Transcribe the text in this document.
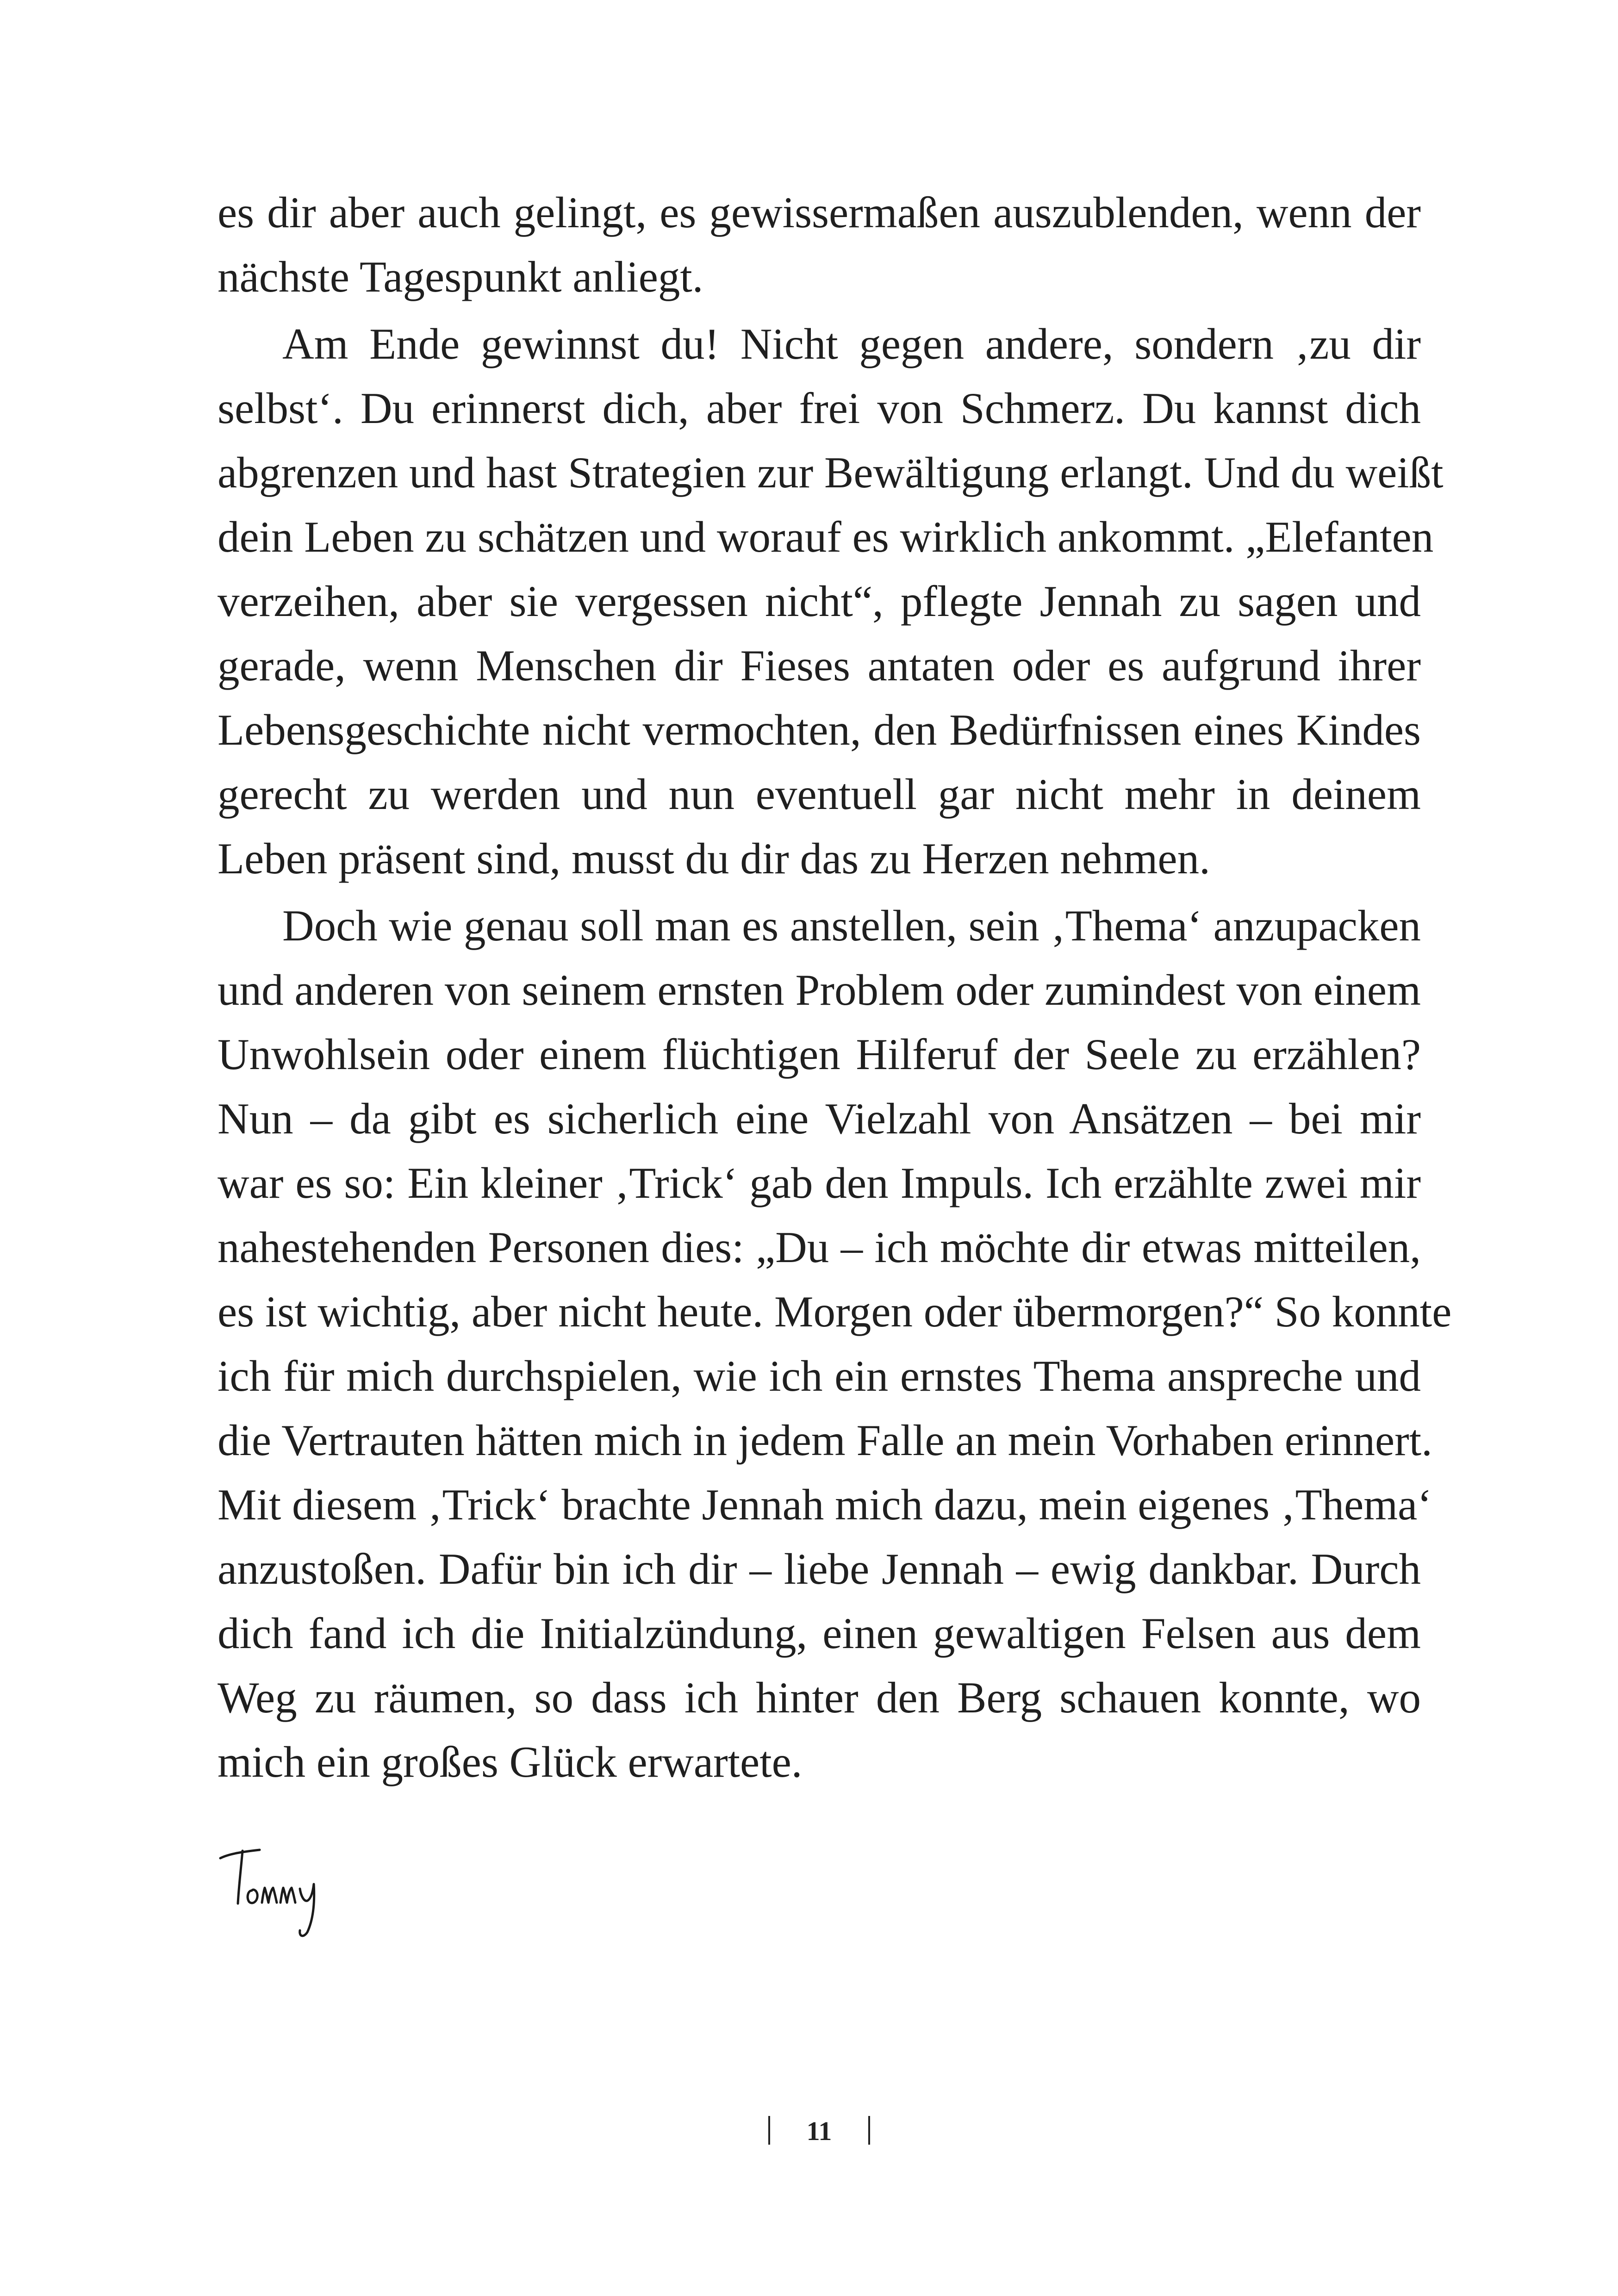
es dir aber auch gelingt, es gewissermaßen auszublenden, wenn der
nächste Tagespunkt anliegt.
Am Ende gewinnst du! Nicht gegen andere, sondern ‚zu dir
selbst‘. Du erinnerst dich, aber frei von Schmerz. Du kannst dich
abgrenzen und hast Strategien zur Bewältigung erlangt. Und du weißt
dein Leben zu schätzen und worauf es wirklich ankommt. „Elefanten
verzeihen, aber sie vergessen nicht“, pflegte Jennah zu sagen und
gerade, wenn Menschen dir Fieses antaten oder es aufgrund ihrer
Lebensgeschichte nicht vermochten, den Bedürfnissen eines Kindes
gerecht zu werden und nun eventuell gar nicht mehr in deinem
Leben präsent sind, musst du dir das zu Herzen nehmen.
Doch wie genau soll man es anstellen, sein ‚Thema‘ anzupacken
und anderen von seinem ernsten Problem oder zumindest von einem
Unwohlsein oder einem flüchtigen Hilferuf der Seele zu erzählen?
Nun – da gibt es sicherlich eine Vielzahl von Ansätzen – bei mir
war es so: Ein kleiner ‚Trick‘ gab den Impuls. Ich erzählte zwei mir
nahestehenden Personen dies: „Du – ich möchte dir etwas mitteilen,
es ist wichtig, aber nicht heute. Morgen oder übermorgen?“ So konnte
ich für mich durchspielen, wie ich ein ernstes Thema anspreche und
die Vertrauten hätten mich in jedem Falle an mein Vorhaben erinnert.
Mit diesem ‚Trick‘ brachte Jennah mich dazu, mein eigenes ‚Thema‘
anzustoßen. Dafür bin ich dir – liebe Jennah – ewig dankbar. Durch
dich fand ich die Initialzündung, einen gewaltigen Felsen aus dem
Weg zu räumen, so dass ich hinter den Berg schauen konnte, wo
mich ein großes Glück erwartete.
11
